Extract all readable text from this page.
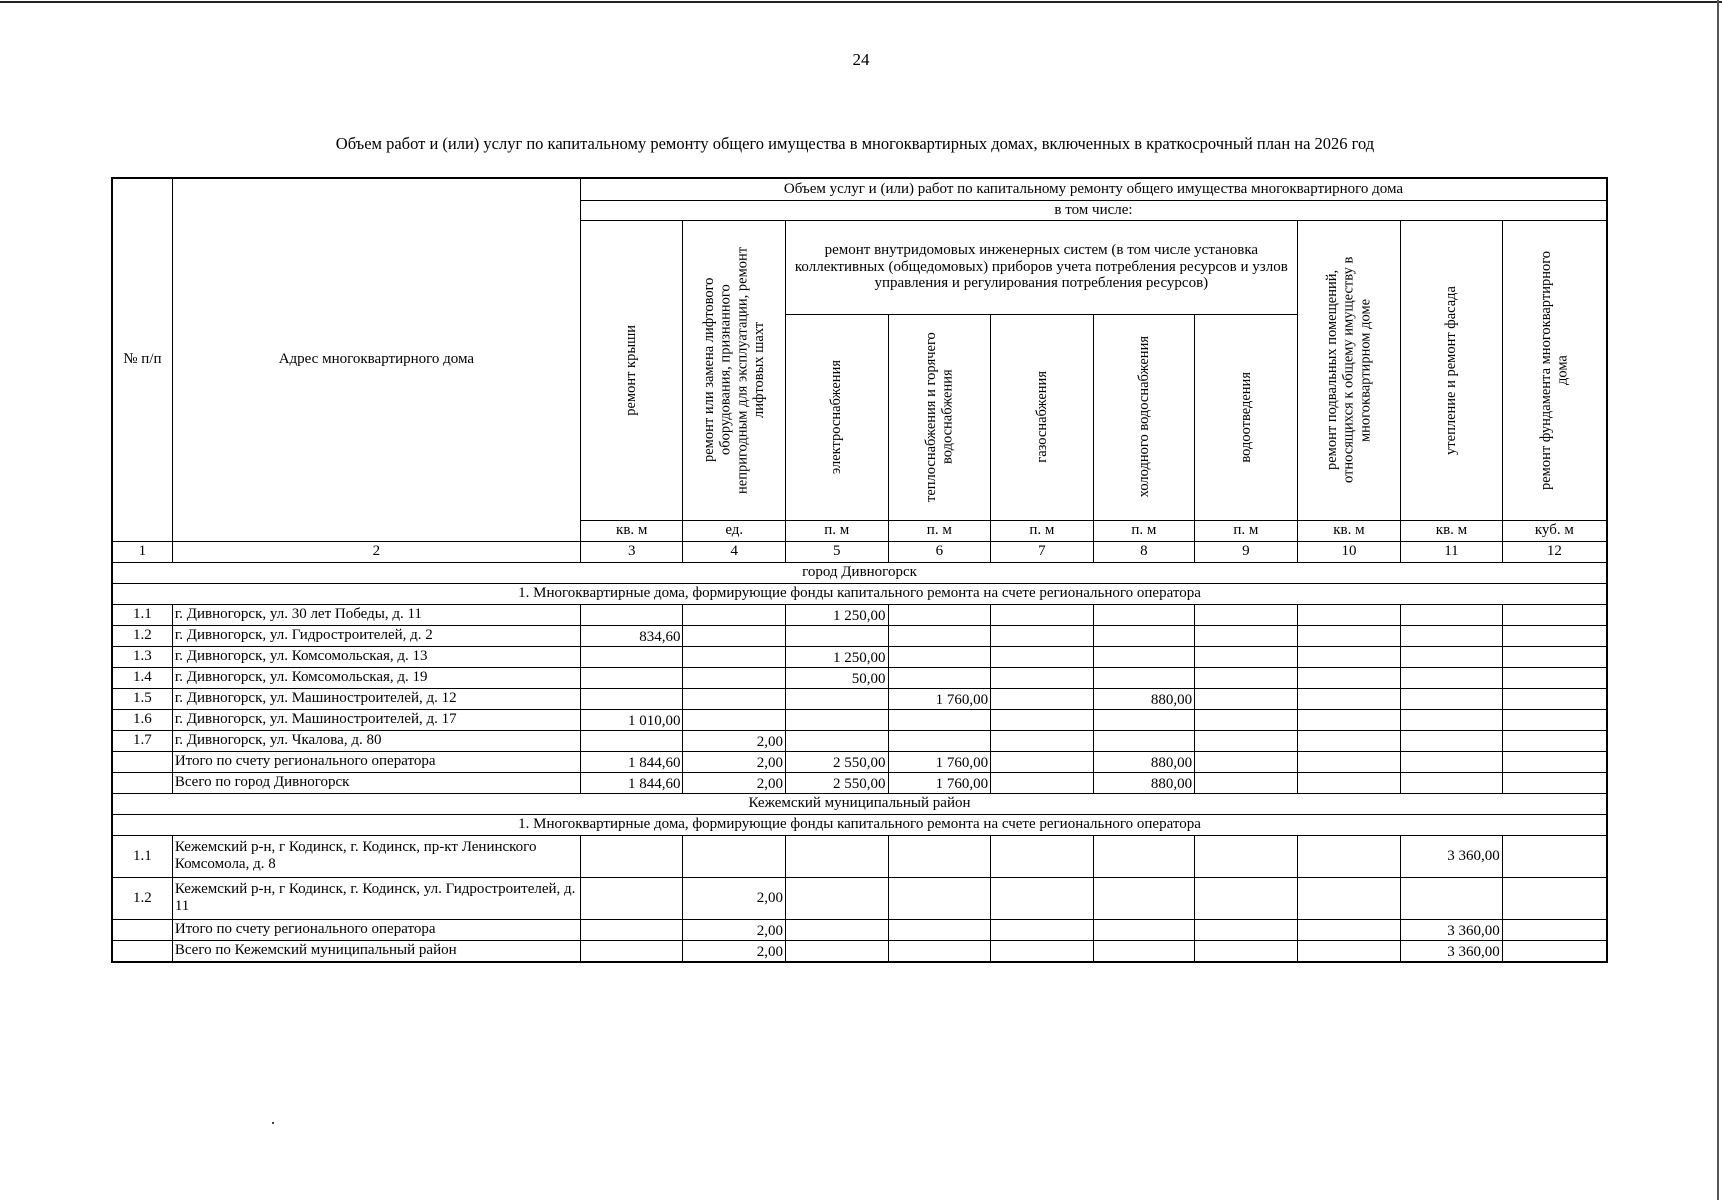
24
Объем работ и (или) услуг по капитальному ремонту общего имущества в многоквартирных домах, включенных в краткосрочный план на 2026 год
№ п/п	Адрес многоквартирного дома	Объем услуг и (или) работ по капитальному ремонту общего имущества многоквартирного дома									
		в том числе:									

		ремонт крыши	ремонт или замена лифтового оборудования, признанного непригодным для эксплуатации, ремонт лифтовых шахт	ремонт внутридомовых инженерных систем (в том числе установка коллективных (общедомовых) приборов учета потребления ресурсов и узлов управления и регулирования потребления ресурсов)					ремонт подвальных помещений, относящихся к общему имуществу в многоквартирном доме	утепление и ремонт фасада	ремонт фундамента многоквартирного дома

				электроснабжения	теплоснабжения и горячего водоснабжения	газоснабжения	холодного водоснабжения	водоотведения			

		кв. м	ед.	п. м	п. м	п. м	п. м	п. м	кв. м	кв. м	куб. м
1	2	3	4	5	6	7	8	9	10	11	12
город Дивногорск											
1. Многоквартирные дома, формирующие фонды капитального ремонта на счете регионального оператора											
1.1	г. Дивногорск, ул. 30 лет Победы, д. 11			1 250,00							
1.2	г. Дивногорск, ул. Гидростроителей, д. 2	834,60									
1.3	г. Дивногорск, ул. Комсомольская, д. 13			1 250,00							
1.4	г. Дивногорск, ул. Комсомольская, д. 19			50,00							
1.5	г. Дивногорск, ул. Машиностроителей, д. 12				1 760,00		880,00				
1.6	г. Дивногорск, ул. Машиностроителей, д. 17	1 010,00									
1.7	г. Дивногорск, ул. Чкалова, д. 80		2,00								
	Итого по счету регионального оператора	1 844,60	2,00	2 550,00	1 760,00		880,00				
	Всего по город Дивногорск	1 844,60	2,00	2 550,00	1 760,00		880,00				
Кежемский муниципальный район											
1. Многоквартирные дома, формирующие фонды капитального ремонта на счете регионального оператора											
1.1	Кежемский р-н, г Кодинск, г. Кодинск, пр-кт Ленинского Комсомола, д. 8									3 360,00	
1.2	Кежемский р-н, г Кодинск, г. Кодинск, ул. Гидростроителей, д. 11		2,00								
	Итого по счету регионального оператора		2,00							3 360,00	
	Всего по Кежемский муниципальный район		2,00							3 360,00	
